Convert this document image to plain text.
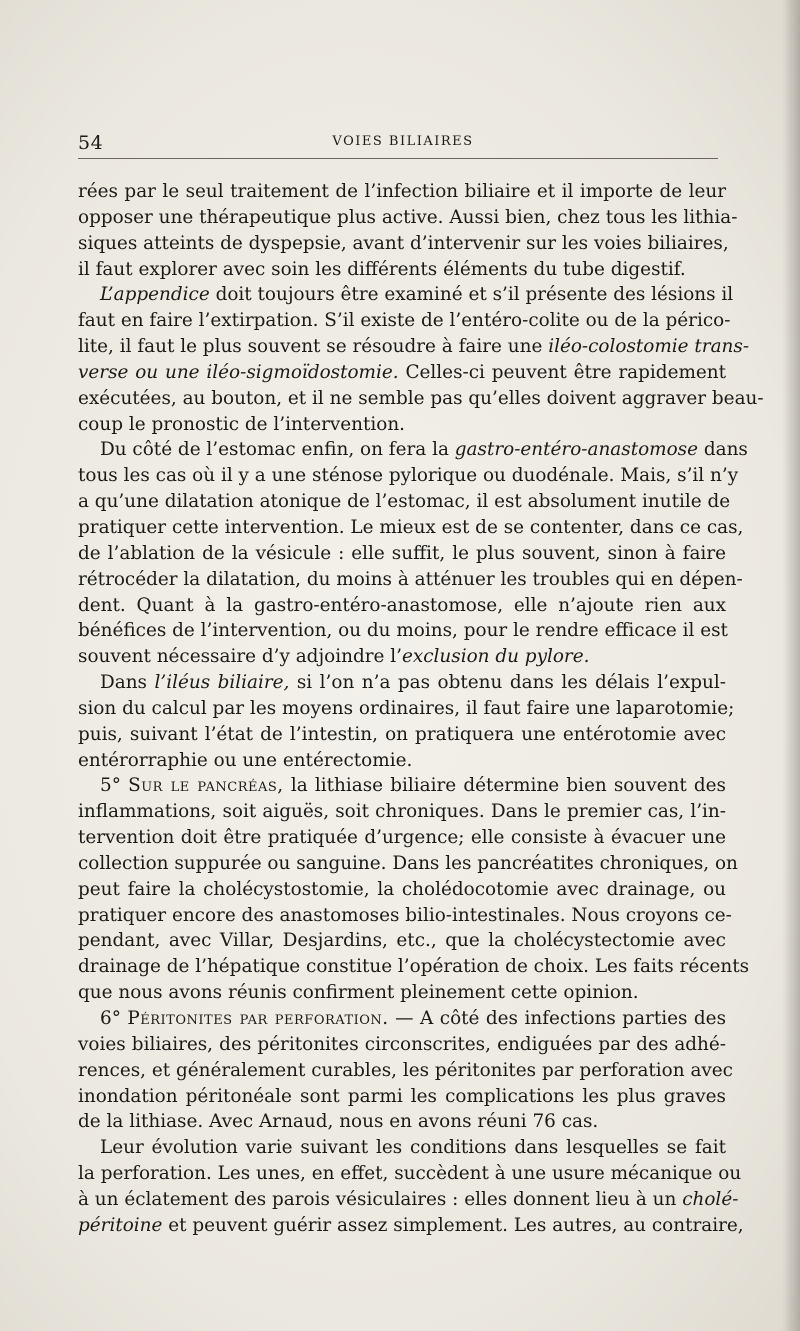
54	VOIES BILIAIRES
rées par le seul traitement de l’infection biliaire et il importe de leur
opposer une thérapeutique plus active. Aussi bien, chez tous les lithia-
siques atteints de dyspepsie, avant d’intervenir sur les voies biliaires,
il faut explorer avec soin les différents éléments du tube digestif.
L’appendice doit toujours être examiné et s’il présente des lésions il
faut en faire l’extirpation. S’il existe de l’entéro-colite ou de la périco-
lite, il faut le plus souvent se résoudre à faire une iléo-colostomie trans-
verse ou une iléo-sigmoïdostomie. Celles-ci peuvent être rapidement
exécutées, au bouton, et il ne semble pas qu’elles doivent aggraver beau-
coup le pronostic de l’intervention.
Du côté de l’estomac enfin, on fera la gastro-entéro-anastomose dans
tous les cas où il y a une sténose pylorique ou duodénale. Mais, s’il n’y
a qu’une dilatation atonique de l’estomac, il est absolument inutile de
pratiquer cette intervention. Le mieux est de se contenter, dans ce cas,
de l’ablation de la vésicule : elle suffit, le plus souvent, sinon à faire
rétrocéder la dilatation, du moins à atténuer les troubles qui en dépen-
dent. Quant à la gastro-entéro-anastomose, elle n’ajoute rien aux
bénéfices de l’intervention, ou du moins, pour le rendre efficace il est
souvent nécessaire d’y adjoindre l’exclusion du pylore.
Dans l’iléus biliaire, si l’on n’a pas obtenu dans les délais l’expul-
sion du calcul par les moyens ordinaires, il faut faire une laparotomie;
puis, suivant l’état de l’intestin, on pratiquera une entérotomie avec
entérorraphie ou une entérectomie.
5° Sur le pancréas, la lithiase biliaire détermine bien souvent des
inflammations, soit aiguës, soit chroniques. Dans le premier cas, l’in-
tervention doit être pratiquée d’urgence; elle consiste à évacuer une
collection suppurée ou sanguine. Dans les pancréatites chroniques, on
peut faire la cholécystostomie, la cholédocotomie avec drainage, ou
pratiquer encore des anastomoses bilio-intestinales. Nous croyons ce-
pendant, avec Villar, Desjardins, etc., que la cholécystectomie avec
drainage de l’hépatique constitue l’opération de choix. Les faits récents
que nous avons réunis confirment pleinement cette opinion.
6° Péritonites par perforation. — A côté des infections parties des
voies biliaires, des péritonites circonscrites, endiguées par des adhé-
rences, et généralement curables, les péritonites par perforation avec
inondation péritonéale sont parmi les complications les plus graves
de la lithiase. Avec Arnaud, nous en avons réuni 76 cas.
Leur évolution varie suivant les conditions dans lesquelles se fait
la perforation. Les unes, en effet, succèdent à une usure mécanique ou
à un éclatement des parois vésiculaires : elles donnent lieu à un cholé-
péritoine et peuvent guérir assez simplement. Les autres, au contraire,
